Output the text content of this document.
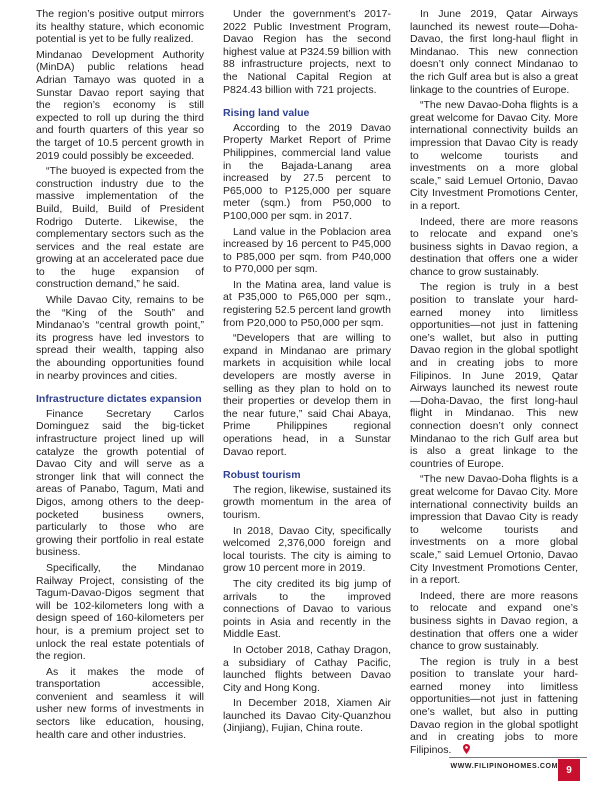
The region’s positive output mirrors its healthy stature, which economic potential is yet to be fully realized.

Mindanao Development Authority (MinDA) public relations head Adrian Tamayo was quoted in a Sunstar Davao report saying that the region’s economy is still expected to roll up during the third and fourth quarters of this year so the target of 10.5 percent growth in 2019 could possibly be exceeded.

“The buoyed is expected from the construction industry due to the massive implementation of the Build, Build, Build of President Rodrigo Duterte. Likewise, the complementary sectors such as the services and the real estate are growing at an accelerated pace due to the huge expansion of construction demand,” he said.

While Davao City, remains to be the “King of the South” and Mindanao’s “central growth point,” its progress have led investors to spread their wealth, tapping also the abounding opportunities found in nearby provinces and cities.

Infrastructure dictates expansion

Finance Secretary Carlos Dominguez said the big-ticket infrastructure project lined up will catalyze the growth potential of Davao City and will serve as a stronger link that will connect the areas of Panabo, Tagum, Mati and Digos, among others to the deep-pocketed business owners, particularly to those who are growing their portfolio in real estate business.

Specifically, the Mindanao Railway Project, consisting of the Tagum-Davao-Digos segment that will be 102-kilometers long with a design speed of 160-kilometers per hour, is a premium project set to unlock the real estate potentials of the region.

As it makes the mode of transportation accessible, convenient and seamless it will usher new forms of investments in sectors like education, housing, health care and other industries.

Under the government’s 2017-2022 Public Investment Program, Davao Region has the second highest value at P324.59 billion with 88 infrastructure projects, next to the National Capital Region at P824.43 billion with 721 projects.

Rising land value

According to the 2019 Davao Property Market Report of Prime Philippines, commercial land value in the Bajada-Lanang area increased by 27.5 percent to P65,000 to P125,000 per square meter (sqm.) from P50,000 to P100,000 per sqm. in 2017.

Land value in the Poblacion area increased by 16 percent to P45,000 to P85,000 per sqm. from P40,000 to P70,000 per sqm.

In the Matina area, land value is at P35,000 to P65,000 per sqm., registering 52.5 percent land growth from P20,000 to P50,000 per sqm.

“Developers that are willing to expand in Mindanao are primary markets in acquisition while local developers are mostly averse in selling as they plan to hold on to their properties or develop them in the near future,” said Chai Abaya, Prime Philippines regional operations head, in a Sunstar Davao report.

Robust tourism

The region, likewise, sustained its growth momentum in the area of tourism.

In 2018, Davao City, specifically welcomed 2,376,000 foreign and local tourists. The city is aiming to grow 10 percent more in 2019.

The city credited its big jump of arrivals to the improved connections of Davao to various points in Asia and recently in the Middle East.

In October 2018, Cathay Dragon, a subsidiary of Cathay Pacific, launched flights between Davao City and Hong Kong.

In December 2018, Xiamen Air launched its Davao City-Quanzhou (Jinjiang), Fujian, China route.

In June 2019, Qatar Airways launched its newest route—Doha-Davao, the first long-haul flight in Mindanao. This new connection doesn’t only connect Mindanao to the rich Gulf area but is also a great linkage to the countries of Europe.

“The new Davao-Doha flights is a great welcome for Davao City. More international connectivity builds an impression that Davao City is ready to welcome tourists and investments on a more global scale,” said Lemuel Ortonio, Davao City Investment Promotions Center, in a report.

Indeed, there are more reasons to relocate and expand one’s business sights in Davao region, a destination that offers one a wider chance to grow sustainably.

The region is truly in a best position to translate your hard-earned money into limitless opportunities—not just in fattening one’s wallet, but also in putting Davao region in the global spotlight and in creating jobs to more Filipinos. In June 2019, Qatar Airways launched its newest route—Doha-Davao, the first long-haul flight in Mindanao. This new connection doesn’t only connect Mindanao to the rich Gulf area but is also a great linkage to the countries of Europe.

“The new Davao-Doha flights is a great welcome for Davao City. More international connectivity builds an impression that Davao City is ready to welcome tourists and investments on a more global scale,” said Lemuel Ortonio, Davao City Investment Promotions Center, in a report.

Indeed, there are more reasons to relocate and expand one’s business sights in Davao region, a destination that offers one a wider chance to grow sustainably.

The region is truly in a best position to translate your hard-earned money into limitless opportunities—not just in fattening one’s wallet, but also in putting Davao region in the global spotlight and in creating jobs to more Filipinos.

WWW.FILIPINOHOMES.COM 9
